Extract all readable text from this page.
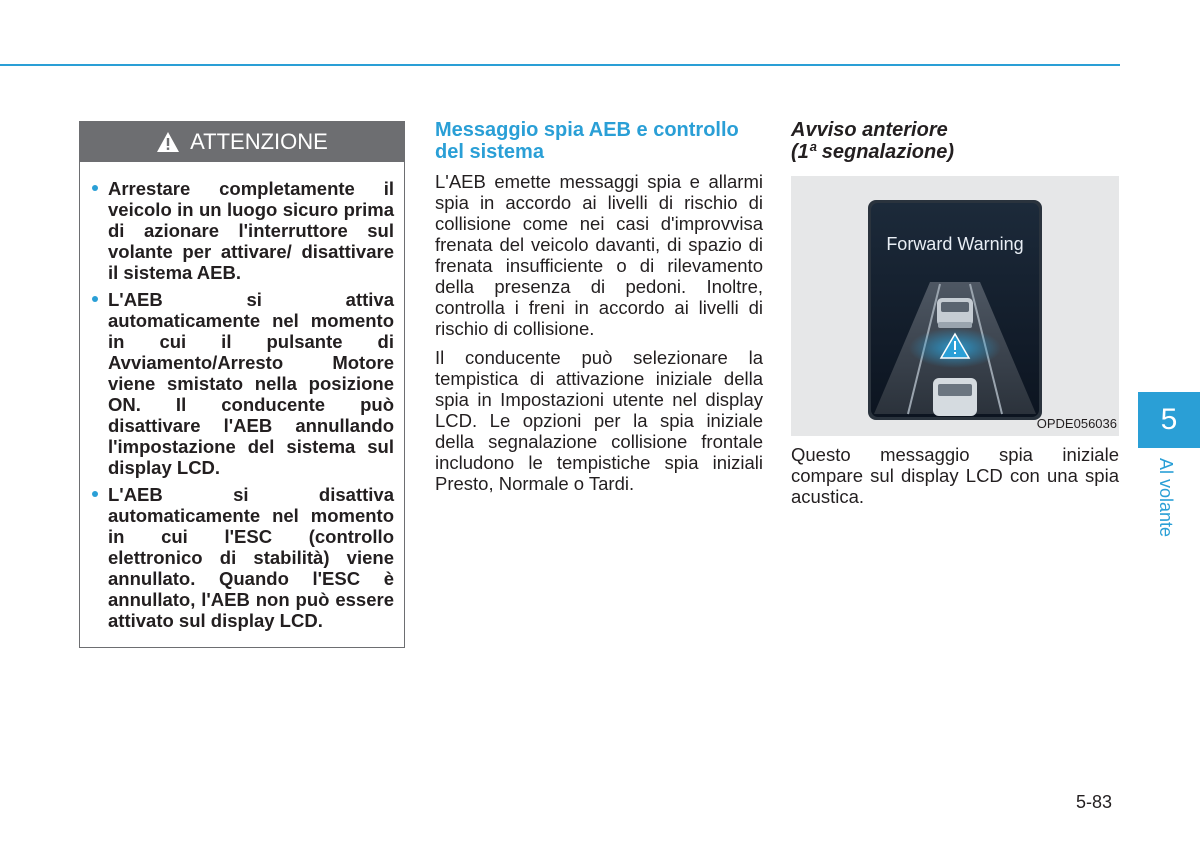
ATTENZIONE
Arrestare completamente il veicolo in un luogo sicuro prima di azionare l'interruttore sul volante per attivare/ disattivare il sistema AEB.
L'AEB si attiva automaticamente nel momento in cui il pulsante di Avviamento/Arresto Motore viene smistato nella posizione ON. Il conducente può disattivare l'AEB annullando l'impostazione del sistema sul display LCD.
L'AEB si disattiva automaticamente nel momento in cui l'ESC (controllo elettronico di stabilità) viene annullato. Quando l'ESC è annullato, l'AEB non può essere attivato sul display LCD.
Messaggio spia AEB e controllo del sistema

L'AEB emette messaggi spia e allarmi spia in accordo ai livelli di rischio di collisione come nei casi d'improvvisa frenata del veicolo davanti, di spazio di frenata insufficiente o di rilevamento della presenza di pedoni. Inoltre, controlla i freni in accordo ai livelli di rischio di collisione.

Il conducente può selezionare la tempistica di attivazione iniziale della spia in Impostazioni utente nel display LCD. Le opzioni per la spia iniziale della segnalazione collisione frontale includono le tempistiche spia iniziali Presto, Normale o Tardi.

Avviso anteriore
(1ª segnalazione)
Forward Warning
OPDE056036

Questo messaggio spia iniziale compare sul display LCD con una spia acustica.

5
Al volante
5-83
